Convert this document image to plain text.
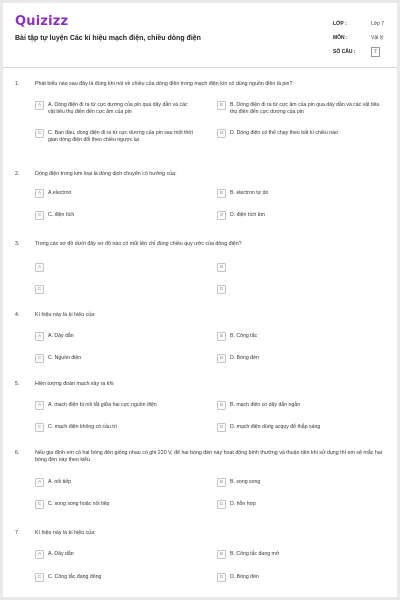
Quizizz
Bài tập tự luyện Các kí hiệu mạch điện, chiều dòng điện
LỚP :	Lớp 7
MÔN :	Vật lý
SỐ CÂU :	7
1.	Phát biểu nào sau đây là đúng khi nói về chiều của dòng điện trong mạch điện kín có dùng nguồn điện là pin?
A	A. Dòng điện đi ra từ cực dương của pin qua dây dẫn và các vật tiêu thụ điện đến cực âm của pin
B	B. Dòng điện đi ra từ cực âm của pin qua dây dẫn và các vật tiêu thụ điện đến cực dương của pin
C	C. Ban đầu, dòng điện đi ra từ cực dương của pin sau một thời gian dòng điện đổi theo chiều ngược lại
D	D. Dòng điện có thể chạy theo bất kì chiều nào
2.	Dòng điện trong kim loại là dòng dịch chuyển có hướng của:
A	A.electron	B	B. electron tự do
C	C. điện tích	D	D. điện tích âm
3.	Trong các sơ đồ dưới đây sơ đồ nào có mũi tên chỉ đúng chiều quy ước của dòng điện?
A	B
C	D
4.	Kí hiệu này là kí hiệu của:
A	A. Dây dẫn	B	B. Công tắc
C	C. Nguồn điện	D	D. Bóng đèn
5.	Hiện tượng đoản mạch xảy ra khi
A	A. mạch điện bị nối tắt giữa hai cực nguồn điện	B	B. mạch điện có dây dẫn ngắn
C	C. mạch điện không có cầu trì	D	D. mạch điện dùng acquy để thắp sáng
6.	Nếu gia đình em có hai bóng đèn giống nhau có ghi 220 V, để hai bóng đèn này hoạt động bình thường và thuận tiện khi sử dụng thì em sẽ mắc hai bóng đèn này theo kiểu
A	A. nối tiếp	B	B. song song
C	C. song song hoặc nối tiếp	D	D. hỗn hợp
7.	Kí hiệu này là kí hiệu của:
A	A. Dây dẫn	B	B. Công tắc đang mở
C	C. Công tắc đang đóng	D	D. Bóng đèn
